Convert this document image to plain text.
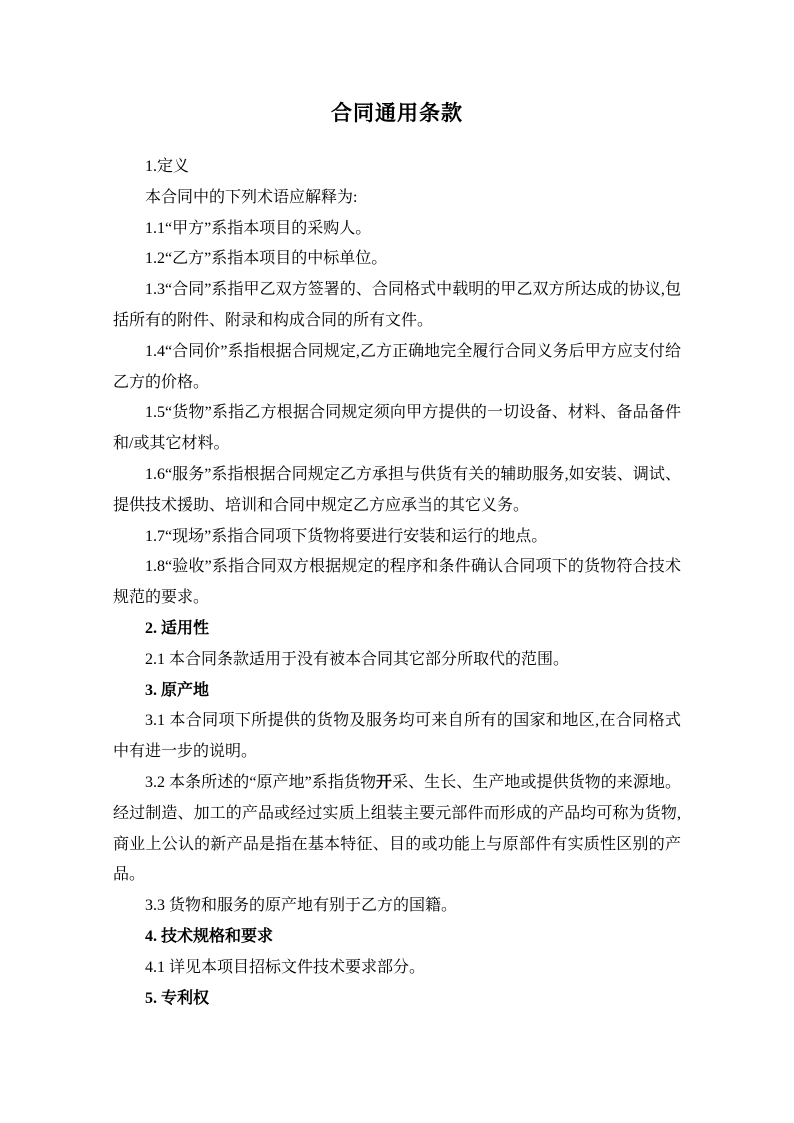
合同通用条款

1.定义

本合同中的下列术语应解释为:

1.1“甲方”系指本项目的采购人。

1.2“乙方”系指本项目的中标单位。

1.3“合同”系指甲乙双方签署的、合同格式中载明的甲乙双方所达成的协议,包括所有的附件、附录和构成合同的所有文件。

1.4“合同价”系指根据合同规定,乙方正确地完全履行合同义务后甲方应支付给乙方的价格。

1.5“货物”系指乙方根据合同规定须向甲方提供的一切设备、材料、备品备件和/或其它材料。

1.6“服务”系指根据合同规定乙方承担与供货有关的辅助服务,如安装、调试、提供技术援助、培训和合同中规定乙方应承当的其它义务。

1.7“现场”系指合同项下货物将要进行安装和运行的地点。

1.8“验收”系指合同双方根据规定的程序和条件确认合同项下的货物符合技术规范的要求。

2. 适用性

2.1 本合同条款适用于没有被本合同其它部分所取代的范围。

3. 原产地

3.1 本合同项下所提供的货物及服务均可来自所有的国家和地区,在合同格式中有进一步的说明。

3.2 本条所述的“原产地”系指货物开采、生长、生产地或提供货物的来源地。经过制造、加工的产品或经过实质上组装主要元部件而形成的产品均可称为货物,商业上公认的新产品是指在基本特征、目的或功能上与原部件有实质性区别的产品。

3.3 货物和服务的原产地有别于乙方的国籍。

4. 技术规格和要求

4.1 详见本项目招标文件技术要求部分。

5. 专利权
